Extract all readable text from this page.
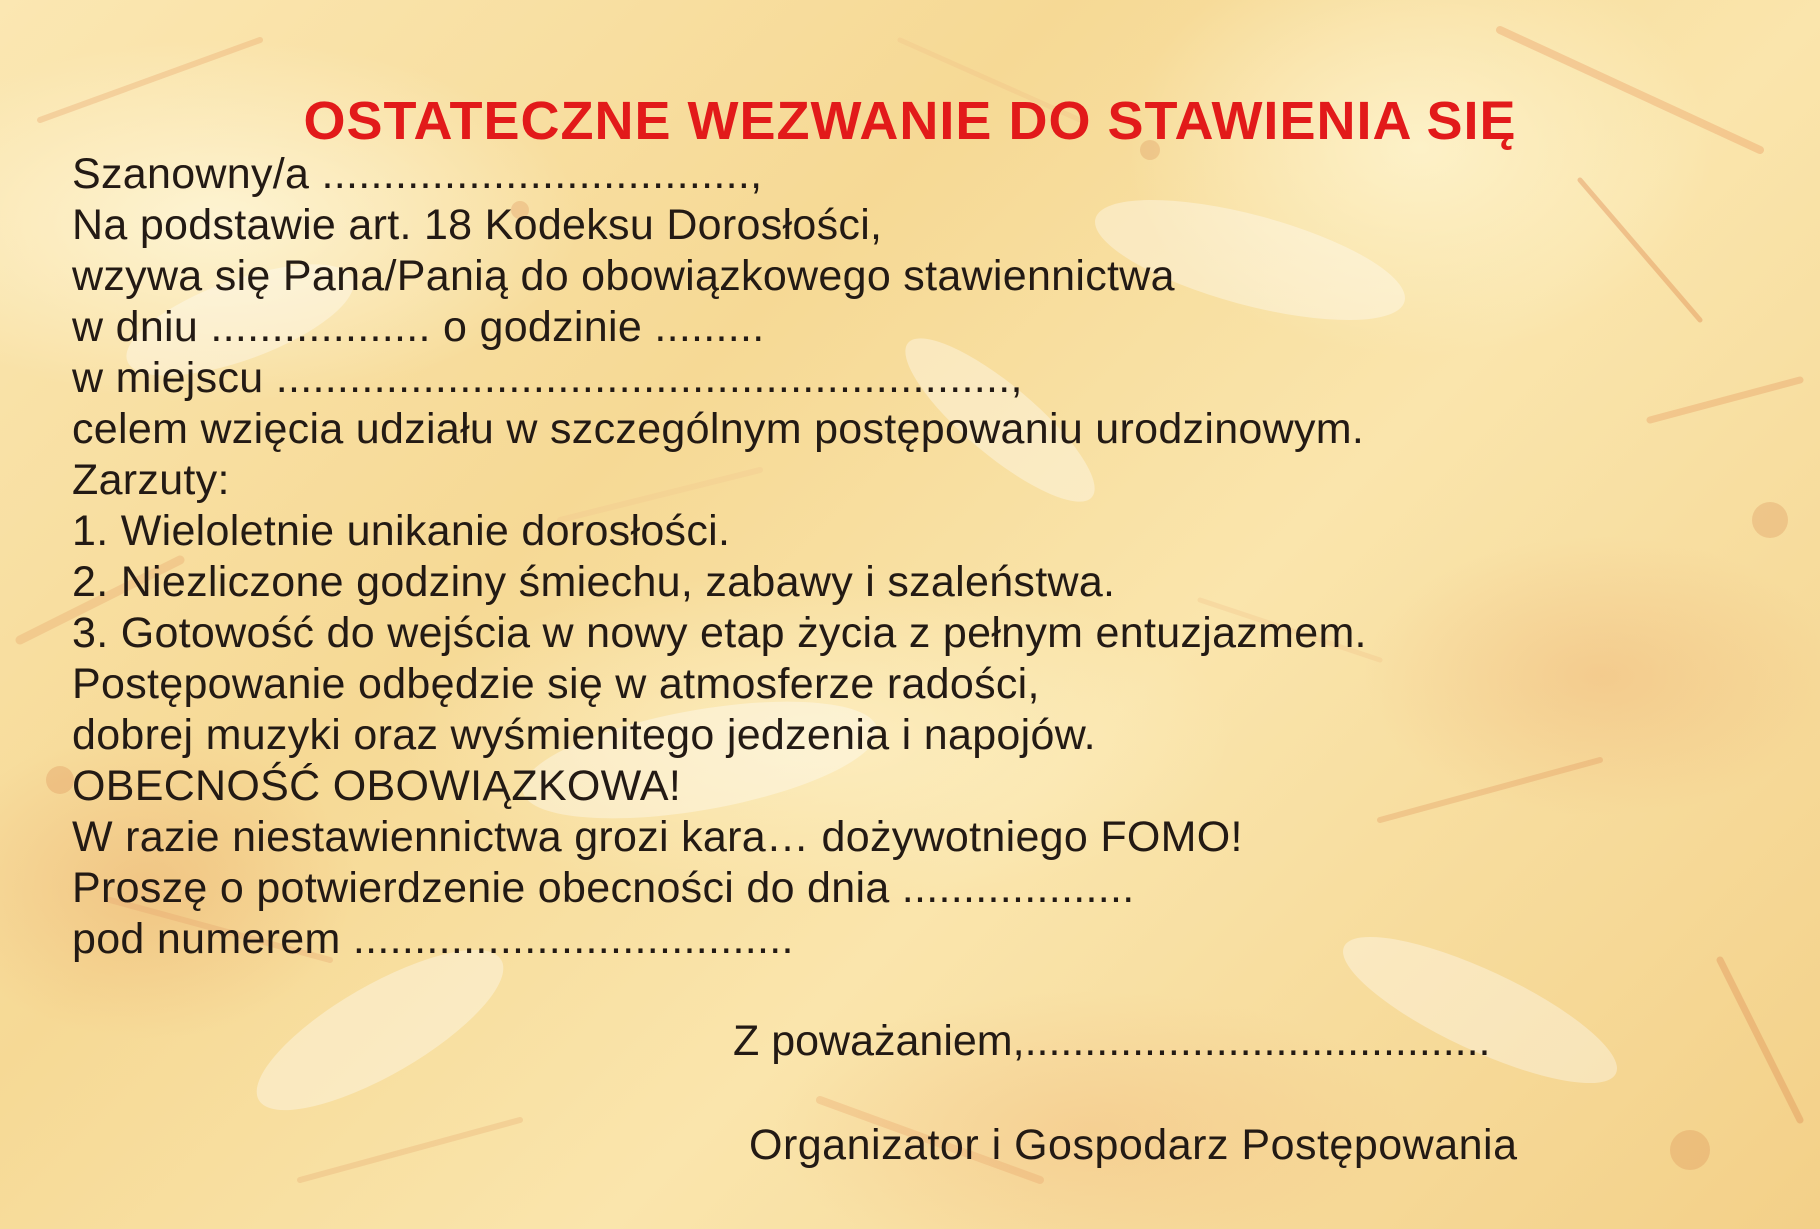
OSTATECZNE WEZWANIE DO STAWIENIA SIĘ
Szanowny/a ...................................,
Na podstawie art. 18 Kodeksu Dorosłości,
wzywa się Pana/Panią do obowiązkowego stawiennictwa
w dniu .................. o godzinie .........
w miejscu ............................................................,
celem wzięcia udziału w szczególnym postępowaniu urodzinowym.
Zarzuty:
1. Wieloletnie unikanie dorosłości.
2. Niezliczone godziny śmiechu, zabawy i szaleństwa.
3. Gotowość do wejścia w nowy etap życia z pełnym entuzjazmem.
Postępowanie odbędzie się w atmosferze radości,
dobrej muzyki oraz wyśmienitego jedzenia i napojów.
OBECNOŚĆ OBOWIĄZKOWA!
W razie niestawiennictwa grozi kara… dożywotniego FOMO!
Proszę o potwierdzenie obecności do dnia ...................
pod numerem ....................................
Z poważaniem,.......................................
Organizator i Gospodarz Postępowania
